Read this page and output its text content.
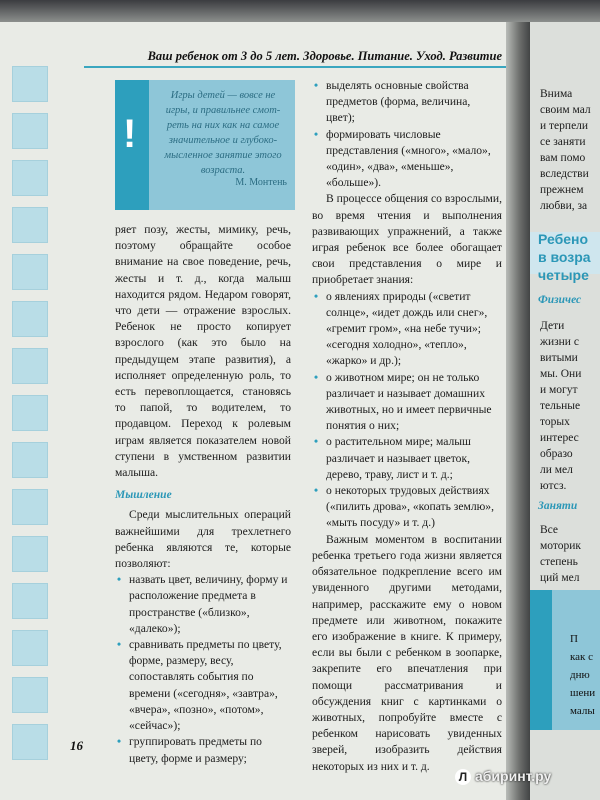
Ваш ребенок от 3 до 5 лет. Здоровье. Питание. Уход. Развитие
!
Игры детей — вовсе не
игры, и правильнее смот-
реть на них как на самое
значительное и глубоко-
мысленное занятие этого
возраста.
М. Монтень

ряет позу, жесты, мимику, речь, поэтому обращайте особое внимание на свое поведение, речь, жесты и т. д., когда малыш находится рядом. Недаром говорят, что дети — отражение взрослых. Ребенок не просто копирует взрослого (как это было на предыдущем этапе развития), а исполняет определенную роль, то есть перевоплощается, становясь то папой, то водителем, то продавцом. Переход к ролевым играм является показателем новой ступени в умственном развитии малыша.

Мышление

Среди мыслительных операций важнейшими для трехлетнего ребенка являются те, которые позволяют:

• назвать цвет, величину, форму и расположение предмета в пространстве («близко», «далеко»);

• сравнивать предметы по цвету, форме, размеру, весу, сопоставлять события по времени («сегодня», «завтра», «вчера», «позно», «потом», «сейчас»);

• группировать предметы по цвету, форме и размеру;

• выделять основные свойства предметов (форма, величина, цвет);

• формировать числовые представления («много», «мало», «один», «два», «меньше», «больше»).

В процессе общения со взрослыми, во время чтения и выполнения развивающих упражнений, а также играя ребенок все более обогащает свои представления о мире и приобретает знания:

• о явлениях природы («светит солнце», «идет дождь или снег», «гремит гром», «на небе тучи»; «сегодня холодно», «тепло», «жарко» и др.);

• о животном мире; он не только различает и называет домашних животных, но и имеет первичные понятия о них;

• о растительном мире; малыш различает и называет цветок, дерево, траву, лист и т. д.;

• о некоторых трудовых действиях («пилить дрова», «копать землю», «мыть посуду» и т. д.)

Важным моментом в воспитании ребенка третьего года жизни является обязательное подкрепление всего им увиденного другими методами, например, расскажите ему о новом предмете или животном, покажите его изображение в книге. К примеру, если вы были с ребенком в зоопарке, закрепите его впечатления при помощи рассматривания и обсуждения книг с картинками о животных, попробуйте вместе с ребенком нарисовать увиденных зверей, изобразить действия некоторых из них и т. д.

16
Внима
своим мал
и терпели
се заняти
вам помо
вследстви
прежнем
любви, за
Ребено
в возра
четыре
Физичес
Дети
жизни с
витыми
мы. Они
и могут
тельные
торых
интерес
образо
ли мел
ютсз.
Заняти
Все
моторик
степень
ций мел
П
как с
дню
шени
малы
Л абиринт.ру
